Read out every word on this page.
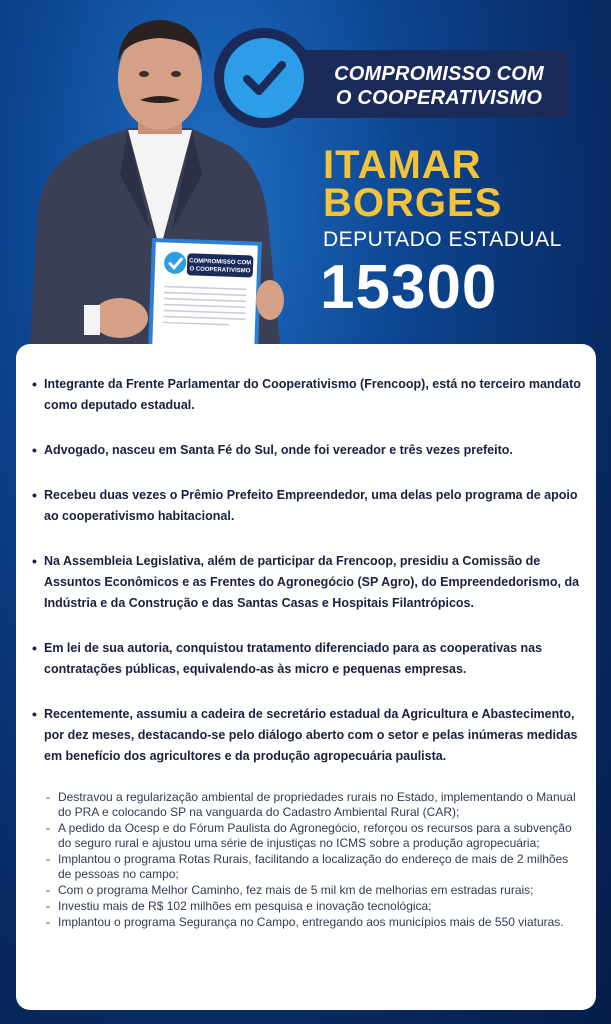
COMPROMISSO COM
O COOPERATIVISMO
COMPROMISSO COM
O COOPERATIVISMO
ITAMAR
BORGES
DEPUTADO ESTADUAL
15300
• Integrante da Frente Parlamentar do Cooperativismo (Frencoop), está no terceiro mandato como deputado estadual.
• Advogado, nasceu em Santa Fé do Sul, onde foi vereador e três vezes prefeito.
• Recebeu duas vezes o Prêmio Prefeito Empreendedor, uma delas pelo programa de apoio ao cooperativismo habitacional.
• Na Assembleia Legislativa, além de participar da Frencoop, presidiu a Comissão de Assuntos Econômicos e as Frentes do Agronegócio (SP Agro), do Empreendedorismo, da Indústria e da Construção e das Santas Casas e Hospitais Filantrópicos.
• Em lei de sua autoria, conquistou tratamento diferenciado para as cooperativas nas contratações públicas, equivalendo-as às micro e pequenas empresas.
• Recentemente, assumiu a cadeira de secretário estadual da Agricultura e Abastecimento, por dez meses, destacando-se pelo diálogo aberto com o setor e pelas inúmeras medidas em benefício dos agricultores e da produção agropecuária paulista.
- Destravou a regularização ambiental de propriedades rurais no Estado, implementando o Manual do PRA e colocando SP na vanguarda do Cadastro Ambiental Rural (CAR);
- A pedido da Ocesp e do Fórum Paulista do Agronegócio, reforçou os recursos para a subvenção do seguro rural e ajustou uma série de injustiças no ICMS sobre a produção agropecuária;
- Implantou o programa Rotas Rurais, facilitando a localização do endereço de mais de 2 milhões de pessoas no campo;
- Com o programa Melhor Caminho, fez mais de 5 mil km de melhorias em estradas rurais;
- Investiu mais de R$ 102 milhões em pesquisa e inovação tecnológica;
- Implantou o programa Segurança no Campo, entregando aos municípios mais de 550 viaturas.
